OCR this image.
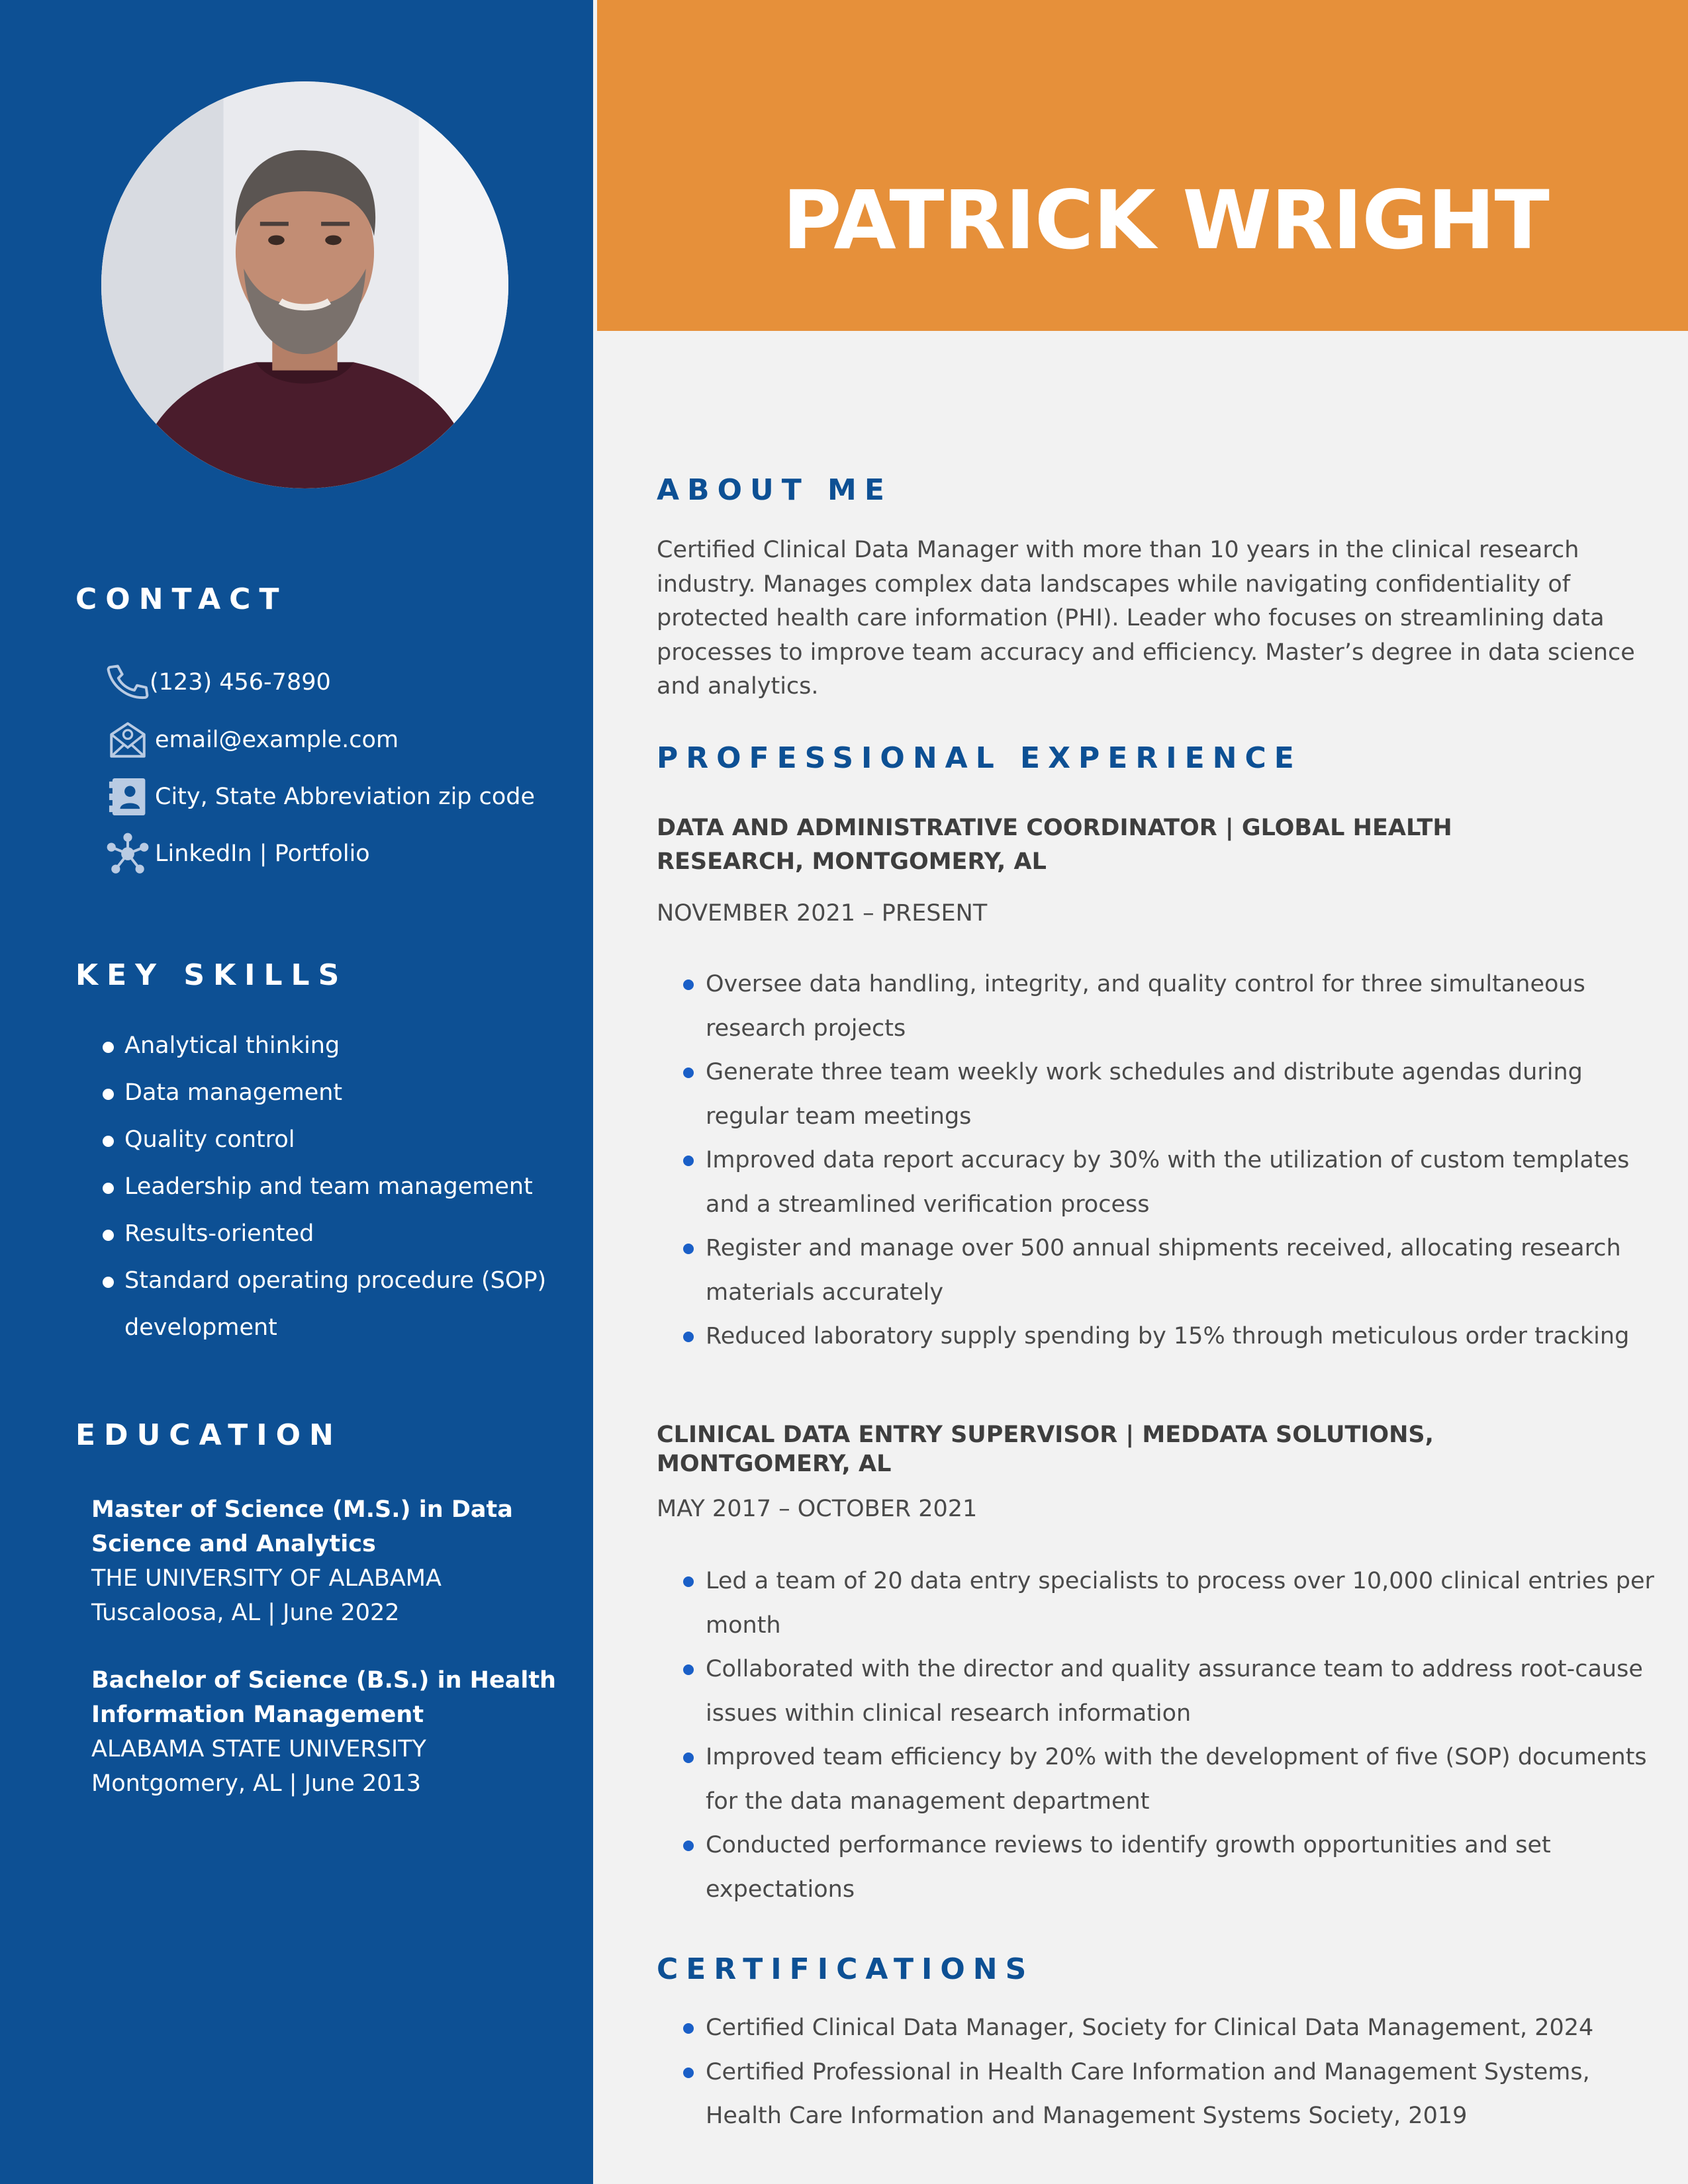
CONTACT
(123) 456-7890
email@example.com
City, State Abbreviation zip code
LinkedIn | Portfolio
KEY SKILLS
Analytical thinking
Data management
Quality control
Leadership and team management
Results-oriented
Standard operating procedure (SOP) development
EDUCATION
Master of Science (M.S.) in Data Science and Analytics
THE UNIVERSITY OF ALABAMA
Tuscaloosa, AL | June 2022
Bachelor of Science (B.S.) in Health Information Management
ALABAMA STATE UNIVERSITY
Montgomery, AL | June 2013
PATRICK WRIGHT
ABOUT ME

Certified Clinical Data Manager with more than 10 years in the clinical research industry. Manages complex data landscapes while navigating confidentiality of protected health care information (PHI). Leader who focuses on streamlining data processes to improve team accuracy and efficiency. Master’s degree in data science and analytics.

PROFESSIONAL EXPERIENCE
DATA AND ADMINISTRATIVE COORDINATOR | GLOBAL HEALTH RESEARCH, MONTGOMERY, AL
NOVEMBER 2021 – PRESENT
Oversee data handling, integrity, and quality control for three simultaneous research projects
Generate three team weekly work schedules and distribute agendas during regular team meetings
Improved data report accuracy by 30% with the utilization of custom templates and a streamlined verification process
Register and manage over 500 annual shipments received, allocating research materials accurately
Reduced laboratory supply spending by 15% through meticulous order tracking
CLINICAL DATA ENTRY SUPERVISOR | MEDDATA SOLUTIONS, MONTGOMERY, AL
MAY 2017 – OCTOBER 2021
Led a team of 20 data entry specialists to process over 10,000 clinical entries per month
Collaborated with the director and quality assurance team to address root-cause issues within clinical research information
Improved team efficiency by 20% with the development of five (SOP) documents for the data management department
Conducted performance reviews to identify growth opportunities and set expectations
CERTIFICATIONS
Certified Clinical Data Manager, Society for Clinical Data Management, 2024
Certified Professional in Health Care Information and Management Systems, Health Care Information and Management Systems Society, 2019
